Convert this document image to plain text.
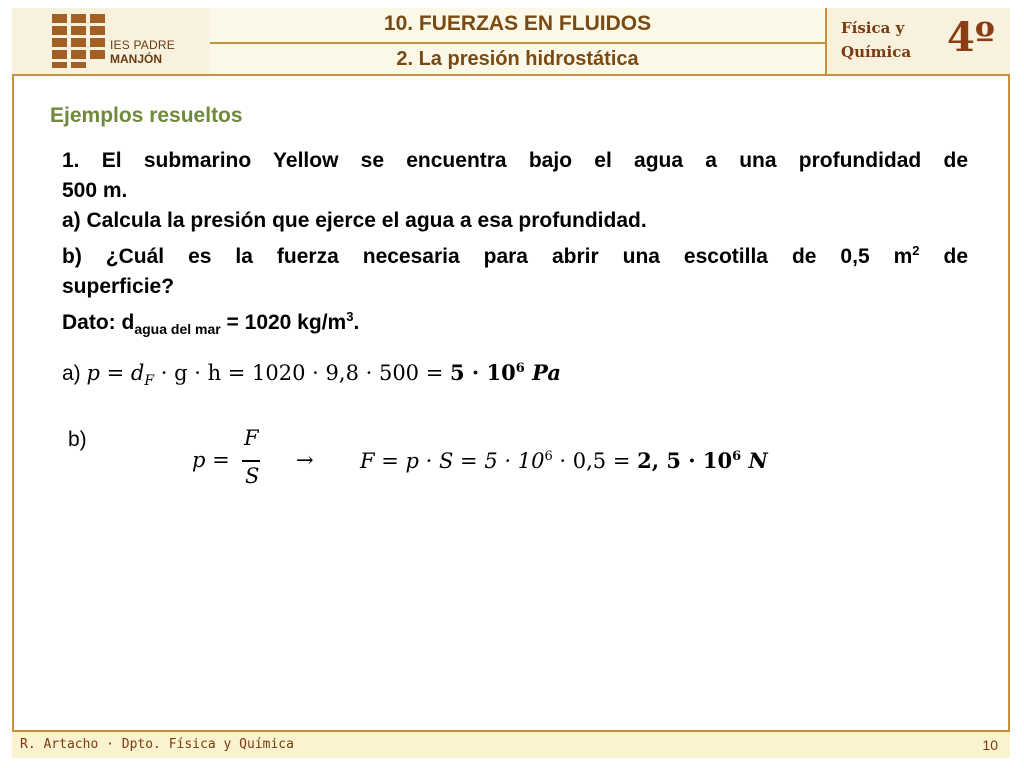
IES PADRE
MANJÓN
10. FUERZAS EN FLUIDOS
2. La presión hidrostática
Física y
Química 4º
Ejemplos resueltos

1. El submarino Yellow se encuentra bajo el agua a una profundidad de

500 m.

a) Calcula la presión que ejerce el agua a esa profundidad.

b) ¿Cuál es la fuerza necesaria para abrir una escotilla de 0,5 $m^2$ de

superficie?

Dato: $d_{agua del mar} = 1020$ $kg/m^3$.

a) $p = d_F \cdot g \cdot h = 1020 \cdot 9,8 \cdot 500 = 5 \cdot 10^6$ Pa
b)
p =
F
S
→ $F = p \cdot S = 5 \cdot 10^6 \cdot 0,5 = 2$, $5 \cdot 10^6$ N
R. Artacho · Dpto. Física y Química	10
